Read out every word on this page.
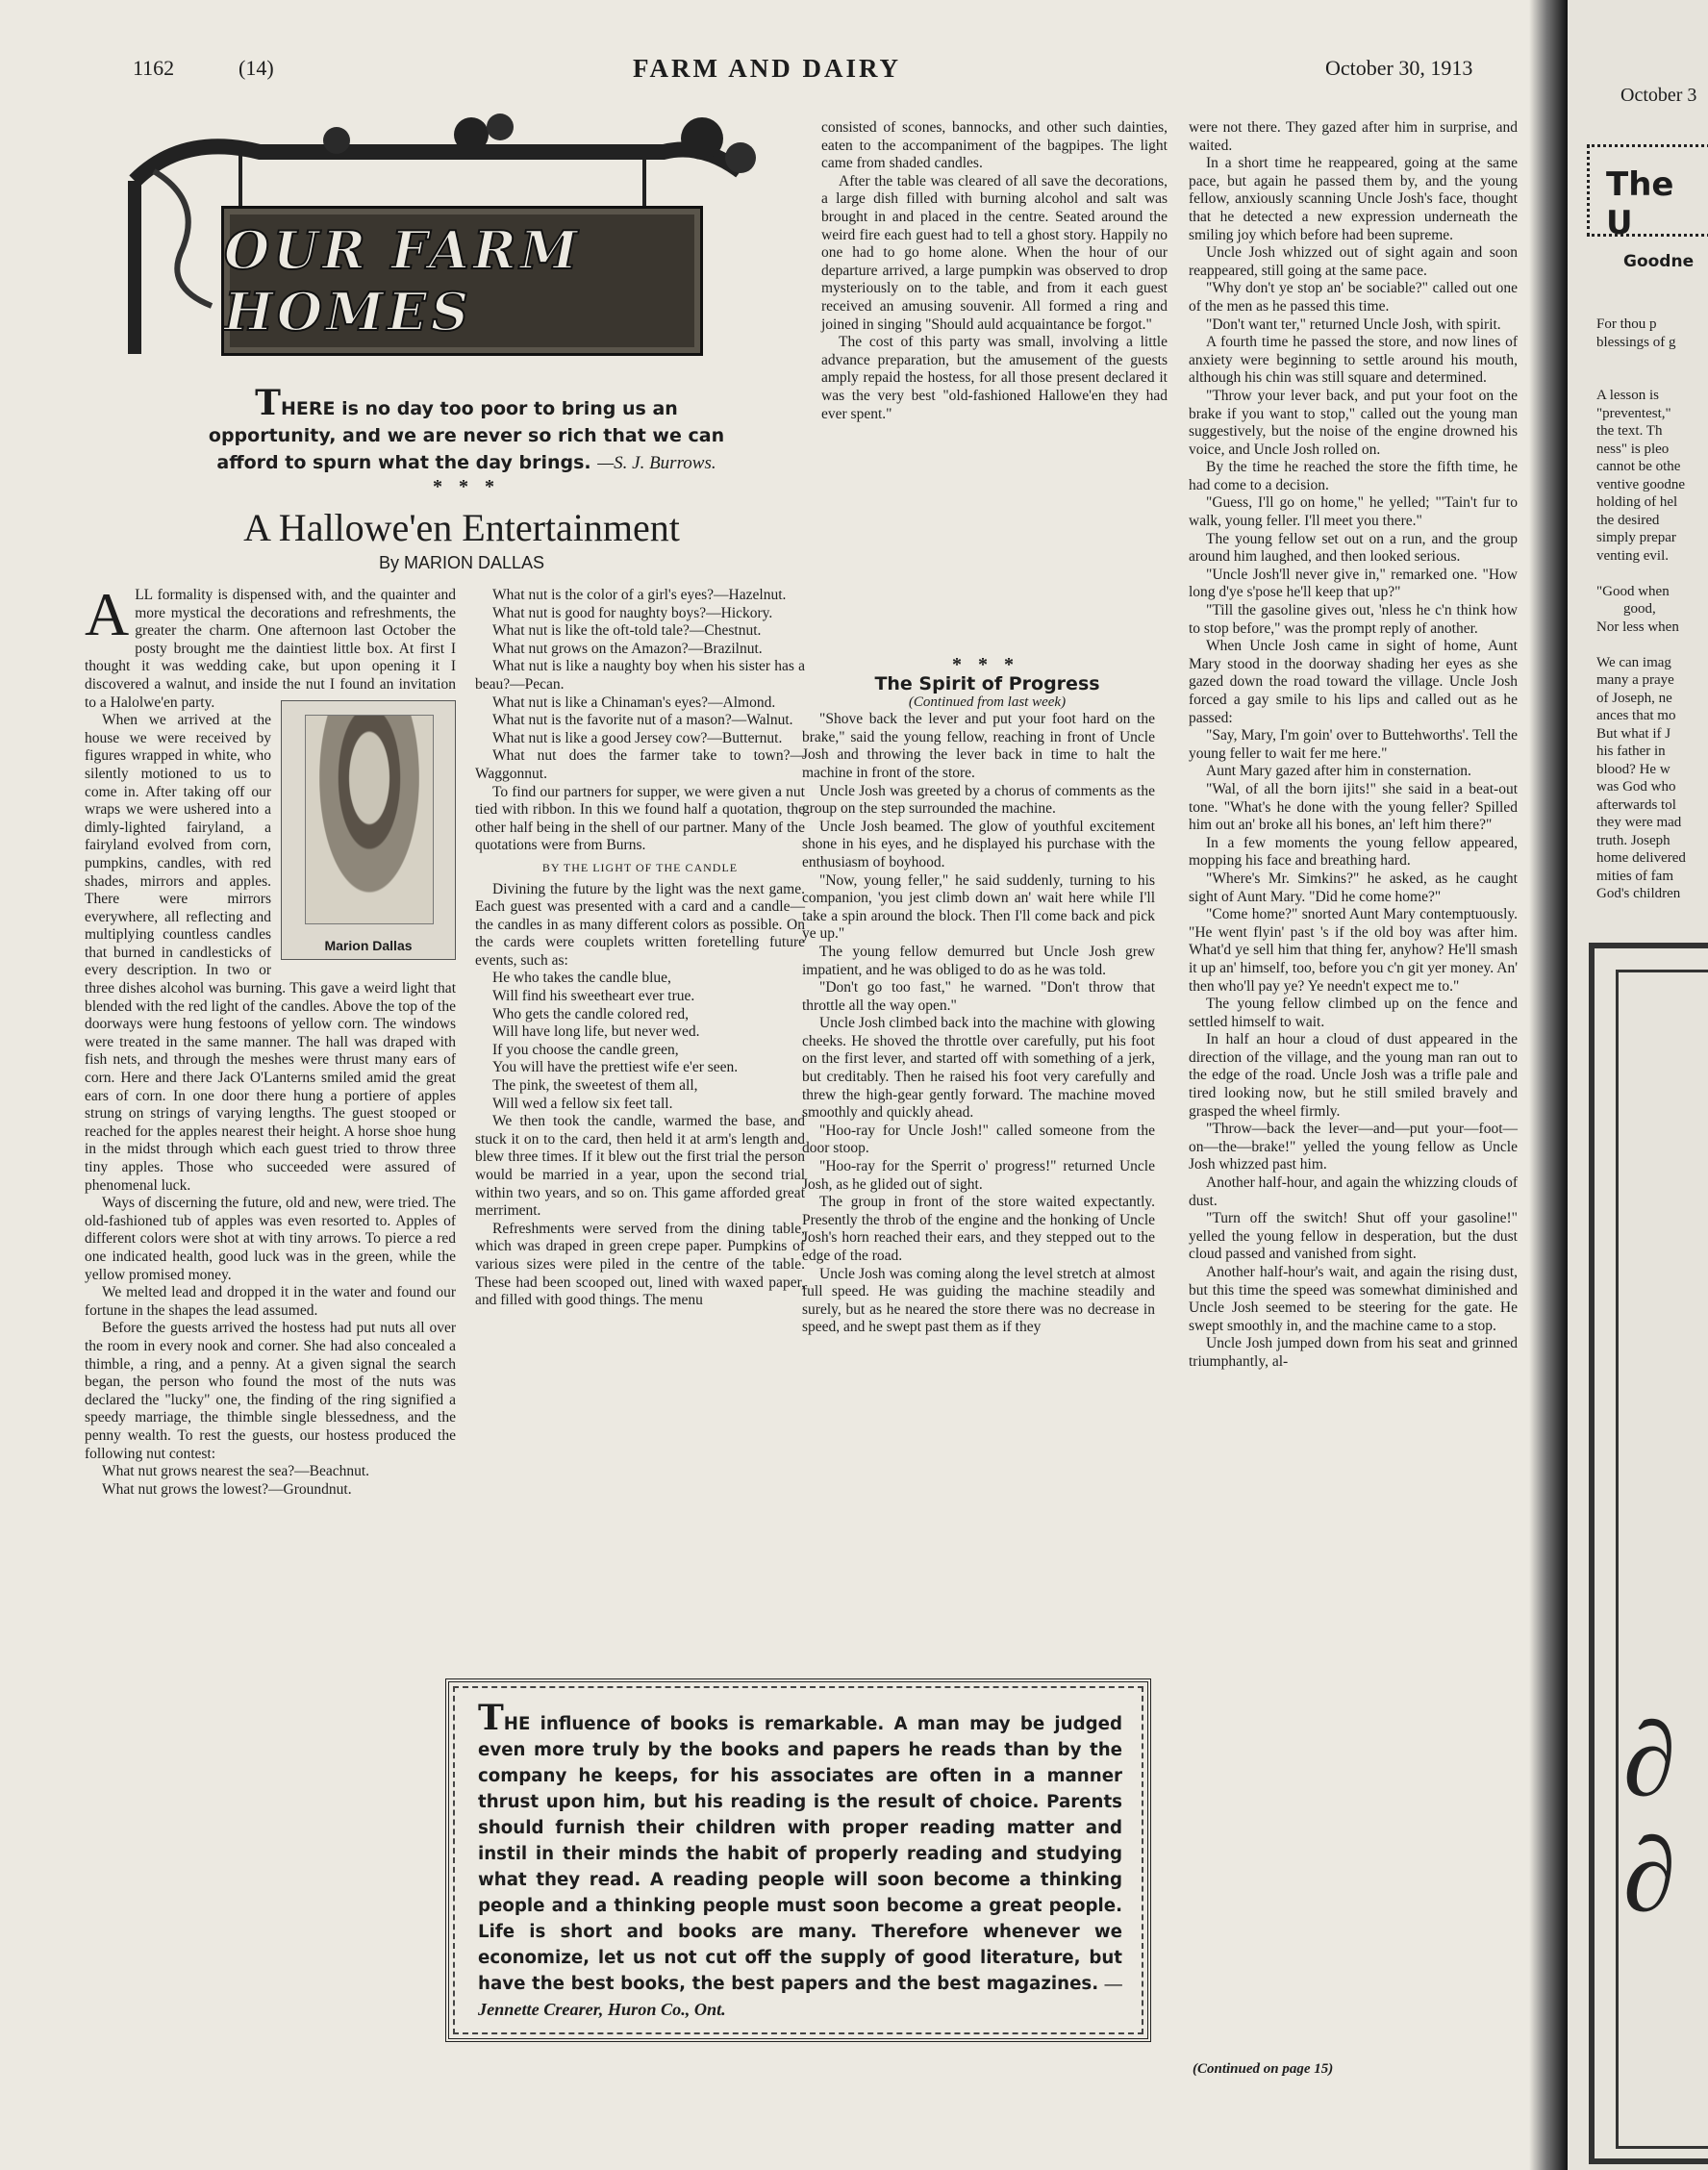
1162	(14)	FARM AND DAIRY	October 30, 1913
OUR FARM HOMES
THERE is no day too poor to bring us an opportunity, and we are never so rich that we can afford to spurn what the day brings. —S. J. Burrows.
* * *
A Hallowe'en Entertainment
By MARION DALLAS
A LL formality is dispensed with, and the quainter and more mystical the decorations and refreshments, the greater the charm. One afternoon last October the posty brought me the daintiest little box. At first I thought it was wedding cake, but upon opening it I discovered a walnut, and inside the nut I found an invitation to a Halolwe'en party.

Marion Dallas

When we arrived at the house we were received by figures wrapped in white, who silently motioned to us to come in. After taking off our wraps we were ushered into a dimly-lighted fairyland, a fairyland evolved from corn, pumpkins, candles, with red shades, mirrors and apples. There were mirrors everywhere, all reflecting and multiplying countless candles that burned in candlesticks of every description. In two or three dishes alcohol was burning. This gave a weird light that blended with the red light of the candles. Above the top of the doorways were hung festoons of yellow corn. The windows were treated in the same manner. The hall was draped with fish nets, and through the meshes were thrust many ears of corn. Here and there Jack O'Lanterns smiled amid the great ears of corn. In one door there hung a portiere of apples strung on strings of varying lengths. The guest stooped or reached for the apples nearest their height. A horse shoe hung in the midst through which each guest tried to throw three tiny apples. Those who succeeded were assured of phenomenal luck.

Ways of discerning the future, old and new, were tried. The old-fashioned tub of apples was even resorted to. Apples of different colors were shot at with tiny arrows. To pierce a red one indicated health, good luck was in the green, while the yellow promised money.

We melted lead and dropped it in the water and found our fortune in the shapes the lead assumed.

Before the guests arrived the hostess had put nuts all over the room in every nook and corner. She had also concealed a thimble, a ring, and a penny. At a given signal the search began, the person who found the most of the nuts was declared the "lucky" one, the finding of the ring signified a speedy marriage, the thimble single blessedness, and the penny wealth. To rest the guests, our hostess produced the following nut contest:

What nut grows nearest the sea?—Beachnut.

What nut grows the lowest?—Groundnut.

What nut is the color of a girl's eyes?—Hazelnut.

What nut is good for naughty boys?—Hickory.

What nut is like the oft-told tale?—Chestnut.

What nut grows on the Amazon?—Brazilnut.

What nut is like a naughty boy when his sister has a beau?—Pecan.

What nut is like a Chinaman's eyes?—Almond.

What nut is the favorite nut of a mason?—Walnut.

What nut is like a good Jersey cow?—Butternut.

What nut does the farmer take to town?—Waggonnut.

To find our partners for supper, we were given a nut tied with ribbon. In this we found half a quotation, the other half being in the shell of our partner. Many of the quotations were from Burns.

BY THE LIGHT OF THE CANDLE

Divining the future by the light was the next game. Each guest was presented with a card and a candle—the candles in as many different colors as possible. On the cards were couplets written foretelling future events, such as:

He who takes the candle blue,

Will find his sweetheart ever true.

Who gets the candle colored red,

Will have long life, but never wed.

If you choose the candle green,

You will have the prettiest wife e'er seen.

The pink, the sweetest of them all,

Will wed a fellow six feet tall.

We then took the candle, warmed the base, and stuck it on to the card, then held it at arm's length and blew three times. If it blew out the first trial the person would be married in a year, upon the second trial within two years, and so on. This game afforded great merriment.

Refreshments were served from the dining table, which was draped in green crepe paper. Pumpkins of various sizes were piled in the centre of the table. These had been scooped out, lined with waxed paper, and filled with good things. The menu

consisted of scones, bannocks, and other such dainties, eaten to the accompaniment of the bagpipes. The light came from shaded candles.

After the table was cleared of all save the decorations, a large dish filled with burning alcohol and salt was brought in and placed in the centre. Seated around the weird fire each guest had to tell a ghost story. Happily no one had to go home alone. When the hour of our departure arrived, a large pumpkin was observed to drop mysteriously on to the table, and from it each guest received an amusing souvenir. All formed a ring and joined in singing "Should auld acquaintance be forgot."

The cost of this party was small, involving a little advance preparation, but the amusement of the guests amply repaid the hostess, for all those present declared it was the very best "old-fashioned Hallowe'en they had ever spent."

* * *

The Spirit of Progress

(Continued from last week)

"Shove back the lever and put your foot hard on the brake," said the young fellow, reaching in front of Uncle Josh and throwing the lever back in time to halt the machine in front of the store.

Uncle Josh was greeted by a chorus of comments as the group on the step surrounded the machine.

Uncle Josh beamed. The glow of youthful excitement shone in his eyes, and he displayed his purchase with the enthusiasm of boyhood.

"Now, young feller," he said suddenly, turning to his companion, 'you jest climb down an' wait here while I'll take a spin around the block. Then I'll come back and pick ye up."

The young fellow demurred but Uncle Josh grew impatient, and he was obliged to do as he was told.

"Don't go too fast," he warned. "Don't throw that throttle all the way open."

Uncle Josh climbed back into the machine with glowing cheeks. He shoved the throttle over carefully, put his foot on the first lever, and started off with something of a jerk, but creditably. Then he raised his foot very carefully and threw the high-gear gently forward. The machine moved smoothly and quickly ahead.

"Hoo-ray for Uncle Josh!" called someone from the door stoop.

"Hoo-ray for the Sperrit o' progress!" returned Uncle Josh, as he glided out of sight.

The group in front of the store waited expectantly. Presently the throb of the engine and the honking of Uncle Josh's horn reached their ears, and they stepped out to the edge of the road.

Uncle Josh was coming along the level stretch at almost full speed. He was guiding the machine steadily and surely, but as he neared the store there was no decrease in speed, and he swept past them as if they

were not there. They gazed after him in surprise, and waited.

In a short time he reappeared, going at the same pace, but again he passed them by, and the young fellow, anxiously scanning Uncle Josh's face, thought that he detected a new expression underneath the smiling joy which before had been supreme.

Uncle Josh whizzed out of sight again and soon reappeared, still going at the same pace.

"Why don't ye stop an' be sociable?" called out one of the men as he passed this time.

"Don't want ter," returned Uncle Josh, with spirit.

A fourth time he passed the store, and now lines of anxiety were beginning to settle around his mouth, although his chin was still square and determined.

"Throw your lever back, and put your foot on the brake if you want to stop," called out the young man suggestively, but the noise of the engine drowned his voice, and Uncle Josh rolled on.

By the time he reached the store the fifth time, he had come to a decision.

"Guess, I'll go on home," he yelled; "'Tain't fur to walk, young feller. I'll meet you there."

The young fellow set out on a run, and the group around him laughed, and then looked serious.

"Uncle Josh'll never give in," remarked one. "How long d'ye s'pose he'll keep that up?"

"Till the gasoline gives out, 'nless he c'n think how to stop before," was the prompt reply of another.

When Uncle Josh came in sight of home, Aunt Mary stood in the doorway shading her eyes as she gazed down the road toward the village. Uncle Josh forced a gay smile to his lips and called out as he passed:

"Say, Mary, I'm goin' over to Buttehworths'. Tell the young feller to wait fer me here."

Aunt Mary gazed after him in consternation.

"Wal, of all the born ijits!" she said in a beat-out tone. "What's he done with the young feller? Spilled him out an' broke all his bones, an' left him there?"

In a few moments the young fellow appeared, mopping his face and breathing hard.

"Where's Mr. Simkins?" he asked, as he caught sight of Aunt Mary. "Did he come home?"

"Come home?" snorted Aunt Mary contemptuously. "He went flyin' past 's if the old boy was after him. What'd ye sell him that thing fer, anyhow? He'll smash it up an' himself, too, before you c'n git yer money. An' then who'll pay ye? Ye needn't expect me to."

The young fellow climbed up on the fence and settled himself to wait.

In half an hour a cloud of dust appeared in the direction of the village, and the young man ran out to the edge of the road. Uncle Josh was a trifle pale and tired looking now, but he still smiled bravely and grasped the wheel firmly.

"Throw—back the lever—and—put your—foot—on—the—brake!" yelled the young fellow as Uncle Josh whizzed past him.

Another half-hour, and again the whizzing clouds of dust.

"Turn off the switch! Shut off your gasoline!" yelled the young fellow in desperation, but the dust cloud passed and vanished from sight.

Another half-hour's wait, and again the rising dust, but this time the speed was somewhat diminished and Uncle Josh seemed to be steering for the gate. He swept smoothly in, and the machine came to a stop.

Uncle Josh jumped down from his seat and grinned triumphantly, al-

(Continued on page 15)
THE influence of books is remarkable. A man may be judged even more truly by the books and papers he reads than by the company he keeps, for his associates are often in a manner thrust upon him, but his reading is the result of choice. Parents should furnish their children with proper reading matter and instil in their minds the habit of properly reading and studying what they read. A reading people will soon become a thinking people and a thinking people must soon become a great people. Life is short and books are many. Therefore whenever we economize, let us not cut off the supply of good literature, but have the best books, the best papers and the best magazines. —Jennette Crearer, Huron Co., Ont.
October 3
The U
Goodne

For thou p

blessings of g

A lesson is

"preventest,"

the text. Th

ness" is pleo

cannot be othe

ventive goodne

holding of hel

the desired

simply prepar

venting evil.

"Good when

good,

Nor less when

We can imag

many a praye

of Joseph, ne

ances that mo

But what if J

his father in

blood? He w

was God who

afterwards tol

they were mad

truth. Joseph

home delivered

mities of fam

God's children

∂
∂
